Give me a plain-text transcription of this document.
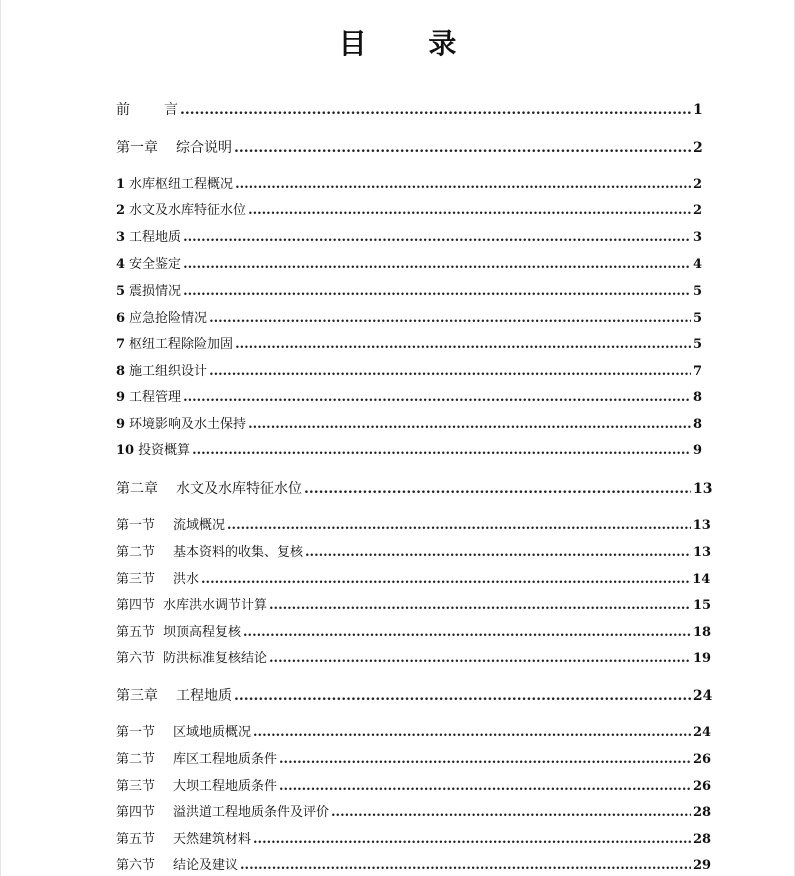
目 录
前 言 .....	1
第一章 综合说明 .....	2
1 水库枢纽工程概况 .....	2
2 水文及水库特征水位 .....	2
3 工程地质 .....	3
4 安全鉴定 .....	4
5 震损情况 .....	5
6 应急抢险情况 .....	5
7 枢纽工程除险加固 .....	5
8 施工组织设计 .....	7
9 工程管理 .....	8
9 环境影响及水土保持 .....	8
10 投资概算 .....	9
第二章 水文及水库特征水位 .....	13
第一节 流域概况 .....	13
第二节 基本资料的收集、复核 .....	13
第三节 洪水 .....	14
第四节 水库洪水调节计算 .....	15
第五节 坝顶高程复核 .....	18
第六节 防洪标准复核结论 .....	19
第三章 工程地质 .....	24
第一节 区域地质概况 .....	24
第二节 库区工程地质条件 .....	26
第三节 大坝工程地质条件 .....	26
第四节 溢洪道工程地质条件及评价 .....	28
第五节 天然建筑材料 .....	28
第六节 结论及建议 .....	29
